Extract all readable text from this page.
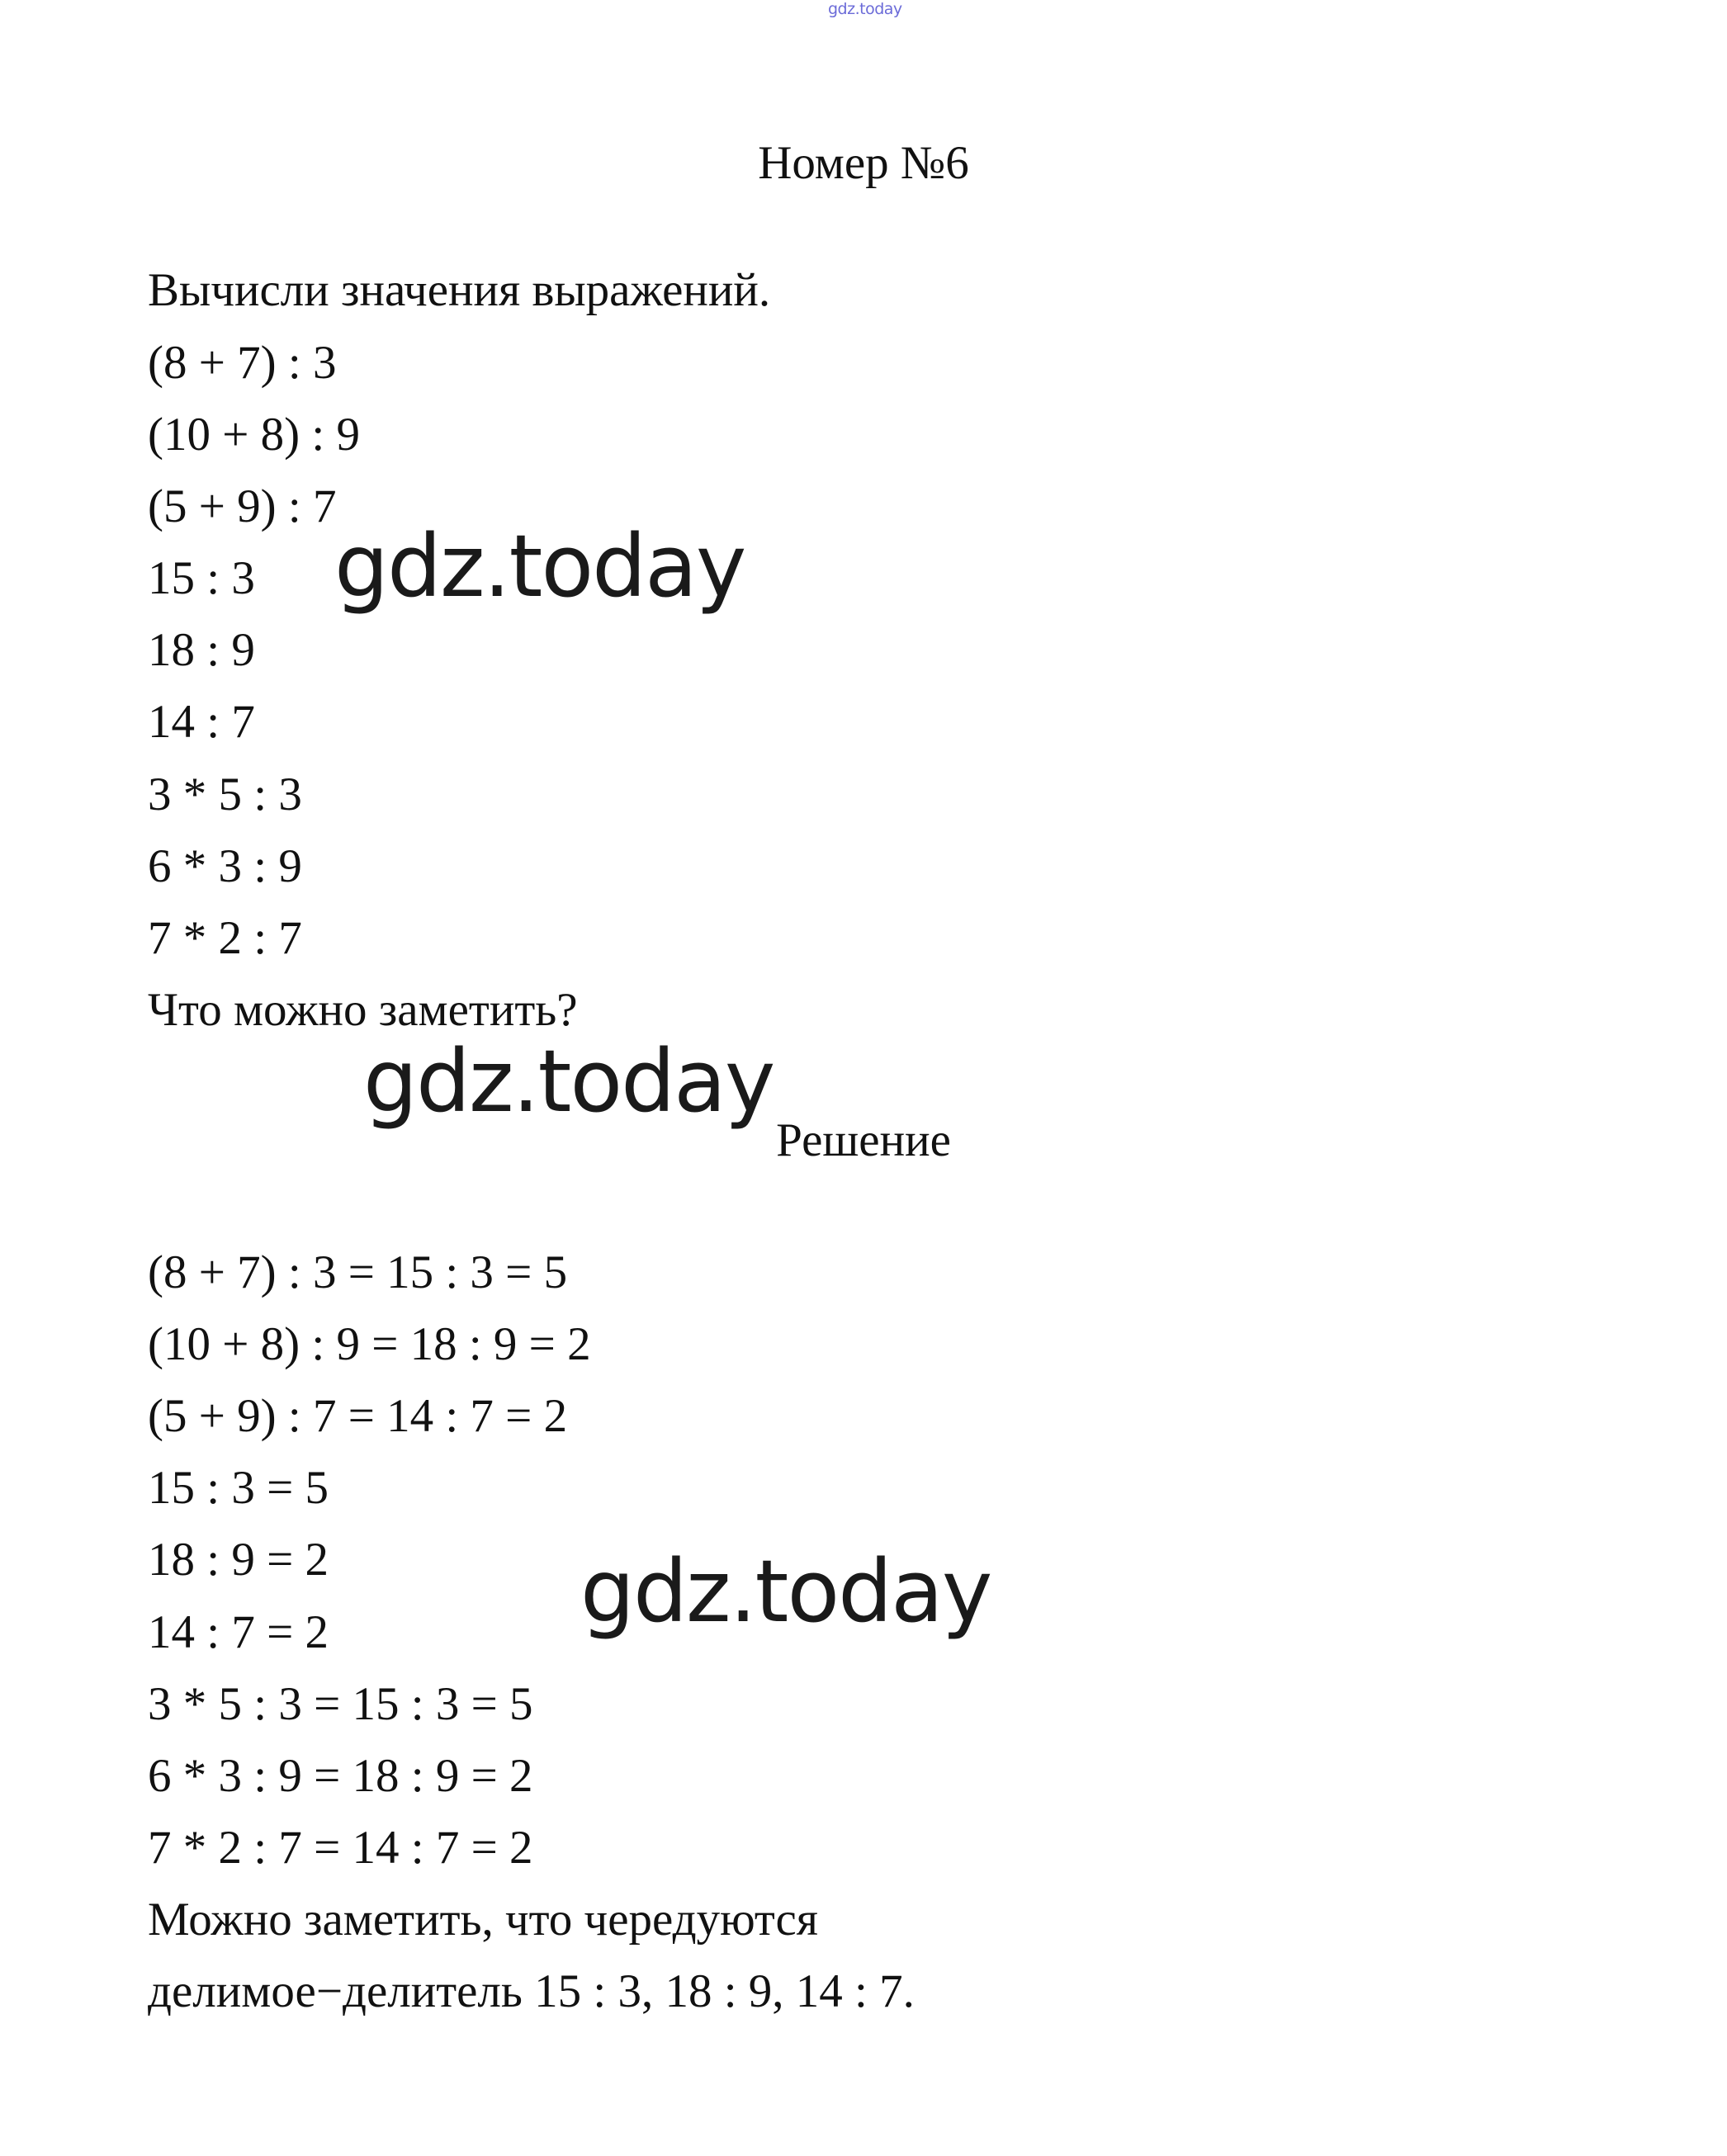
gdz.today
Номер №6
Вычисли значения выражений.
(8 + 7) : 3
(10 + 8) : 9
(5 + 9) : 7
15 : 3
18 : 9
14 : 7
3 * 5 : 3
6 * 3 : 9
7 * 2 : 7
Что можно заметить?
Решение
(8 + 7) : 3 = 15 : 3 = 5
(10 + 8) : 9 = 18 : 9 = 2
(5 + 9) : 7 = 14 : 7 = 2
15 : 3 = 5
18 : 9 = 2
14 : 7 = 2
3 * 5 : 3 = 15 : 3 = 5
6 * 3 : 9 = 18 : 9 = 2
7 * 2 : 7 = 14 : 7 = 2
Можно заметить, что чередуются
делимое−делитель 15 : 3, 18 : 9, 14 : 7.
gdz.today
gdz.today
gdz.today
